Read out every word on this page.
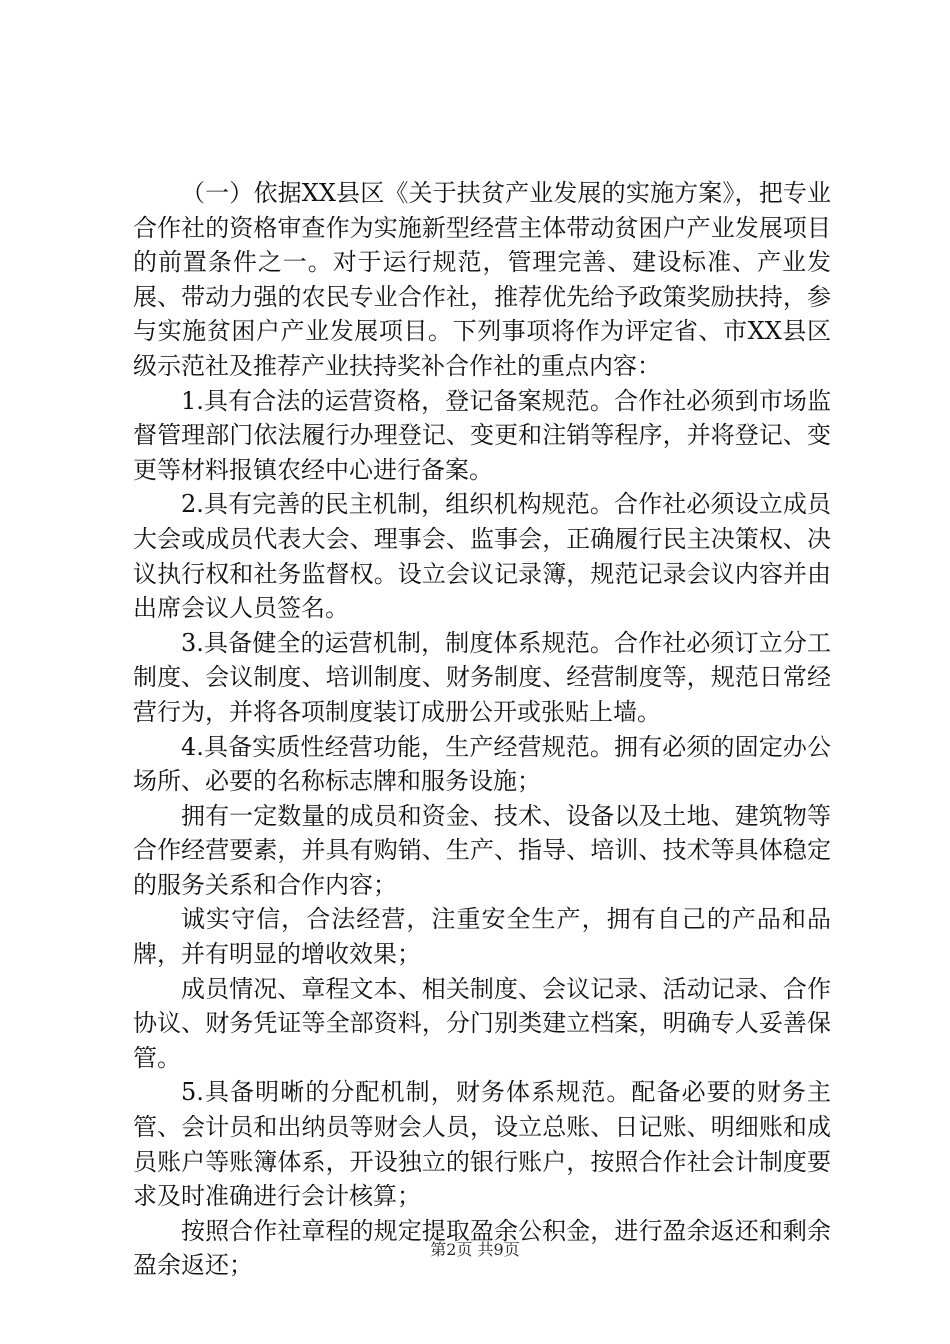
（一）依据XX县区《关于扶贫产业发展的实施方案》，把专业合作社的资格审查作为实施新型经营主体带动贫困户产业发展项目的前置条件之一。对于运行规范，管理完善、建设标准、产业发展、带动力强的农民专业合作社，推荐优先给予政策奖励扶持，参与实施贫困户产业发展项目。下列事项将作为评定省、市XX县区级示范社及推荐产业扶持奖补合作社的重点内容：

1.具有合法的运营资格，登记备案规范。合作社必须到市场监督管理部门依法履行办理登记、变更和注销等程序，并将登记、变更等材料报镇农经中心进行备案。

2.具有完善的民主机制，组织机构规范。合作社必须设立成员大会或成员代表大会、理事会、监事会，正确履行民主决策权、决议执行权和社务监督权。设立会议记录簿，规范记录会议内容并由出席会议人员签名。

3.具备健全的运营机制，制度体系规范。合作社必须订立分工制度、会议制度、培训制度、财务制度、经营制度等，规范日常经营行为，并将各项制度装订成册公开或张贴上墙。

4.具备实质性经营功能，生产经营规范。拥有必须的固定办公场所、必要的名称标志牌和服务设施；

拥有一定数量的成员和资金、技术、设备以及土地、建筑物等合作经营要素，并具有购销、生产、指导、培训、技术等具体稳定的服务关系和合作内容；

诚实守信，合法经营，注重安全生产，拥有自己的产品和品牌，并有明显的增收效果；

成员情况、章程文本、相关制度、会议记录、活动记录、合作协议、财务凭证等全部资料，分门别类建立档案，明确专人妥善保管。

5.具备明晰的分配机制，财务体系规范。配备必要的财务主管、会计员和出纳员等财会人员，设立总账、日记账、明细账和成员账户等账簿体系，开设独立的银行账户，按照合作社会计制度要求及时准确进行会计核算；

按照合作社章程的规定提取盈余公积金，进行盈余返还和剩余盈余返还；

第2页 共9页
